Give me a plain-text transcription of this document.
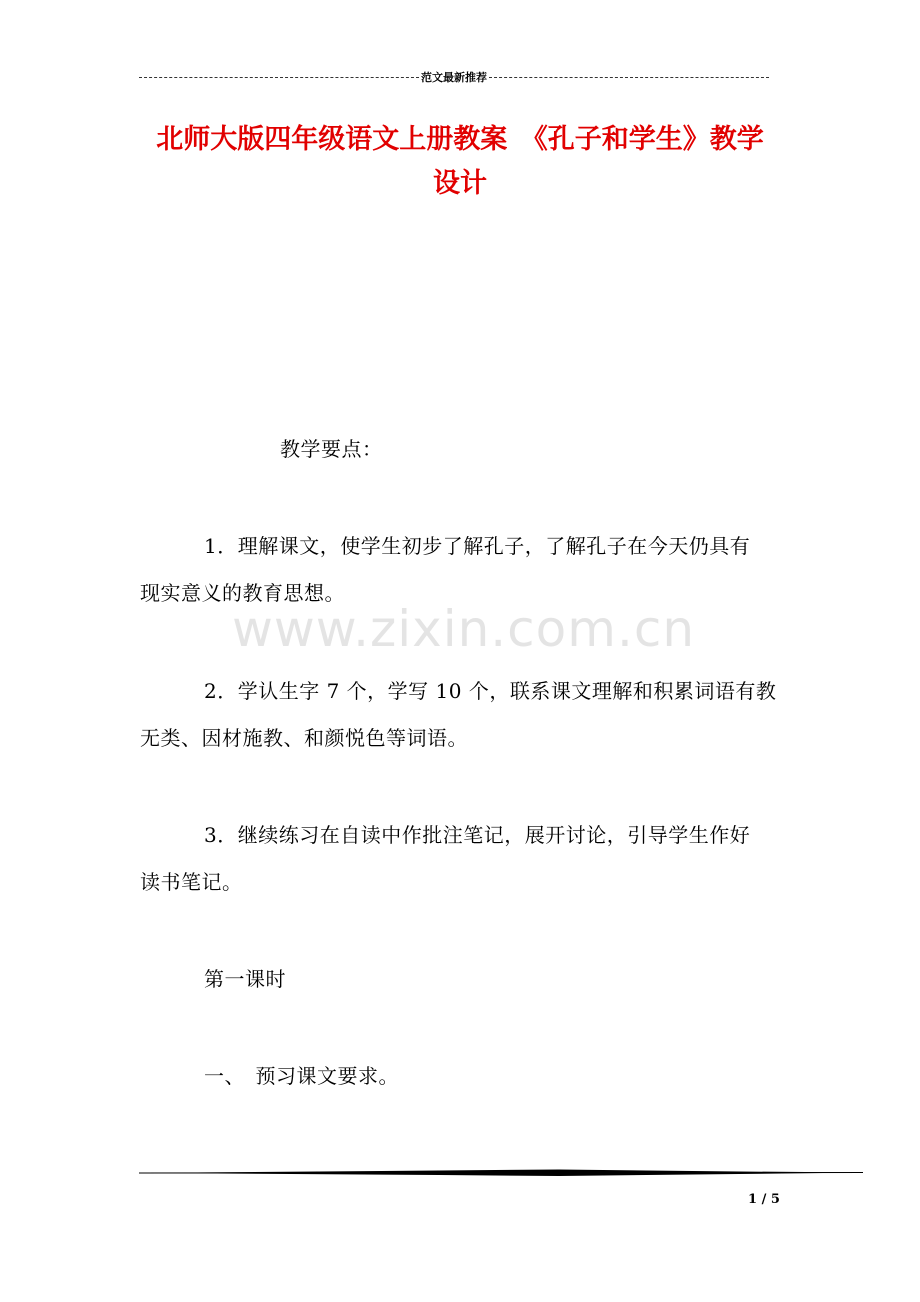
范文最新推荐
北师大版四年级语文上册教案　《孔子和学生》教学
设计
教学要点：
1．理解课文，使学生初步了解孔子，了解孔子在今天仍具有
现实意义的教育思想。
www.zixin.com.cn
2．学认生字 7 个，学写 10 个，联系课文理解和积累词语有教
无类、因材施教、和颜悦色等词语。
3．继续练习在自读中作批注笔记，展开讨论，引导学生作好
读书笔记。
第一课时
一、　预习课文要求。
1 / 5
